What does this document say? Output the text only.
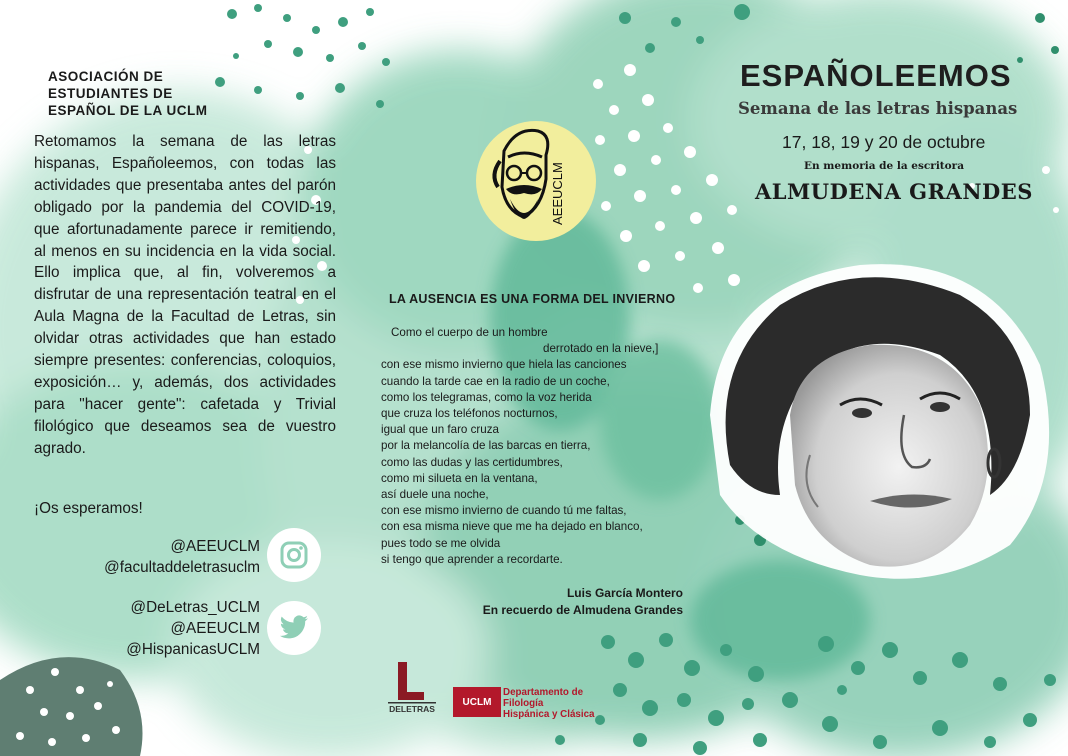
ASOCIACIÓN DE
ESTUDIANTES DE
ESPAÑOL DE LA UCLM
Retomamos la semana de las letras hispanas, Españoleemos, con todas las actividades que presentaba antes del parón obligado por la pandemia del COVID-19, que afortunadamente parece ir remitiendo, al menos en su incidencia en la vida social. Ello implica que, al fin, volveremos a disfrutar de una representación teatral en el Aula Magna de la Facultad de Letras, sin olvidar otras actividades que han estado siempre presentes: conferencias, coloquios, exposición… y, además, dos actividades para "hacer gente": cafetada y Trivial filológico que deseamos sea de vuestro agrado.
¡Os esperamos!
@AEEUCLM
@facultaddeletrasuclm
@DeLetras_UCLM
@AEEUCLM
@HispanicasUCLM
AEEUCLM
LA AUSENCIA ES UNA FORMA DEL INVIERNO
Como el cuerpo de un hombre
derrotado en la nieve,]
con ese mismo invierno que hiela las canciones
cuando la tarde cae en la radio de un coche,
como los telegramas, como la voz herida
que cruza los teléfonos nocturnos,
igual que un faro cruza
por la melancolía de las barcas en tierra,
como las dudas y las certidumbres,
como mi silueta en la ventana,
así duele una noche,
con ese mismo invierno de cuando tú me faltas,
con esa misma nieve que me ha dejado en blanco,
pues todo se me olvida
si tengo que aprender a recordarte.
Luis García Montero
En recuerdo de Almudena Grandes
DELETRAS
UCLM
Departamento de
Filología
Hispánica y Clásica
ESPAÑOLEEMOS
Semana de las letras hispanas
17, 18, 19 y 20 de octubre
En memoria de la escritora
ALMUDENA GRANDES
